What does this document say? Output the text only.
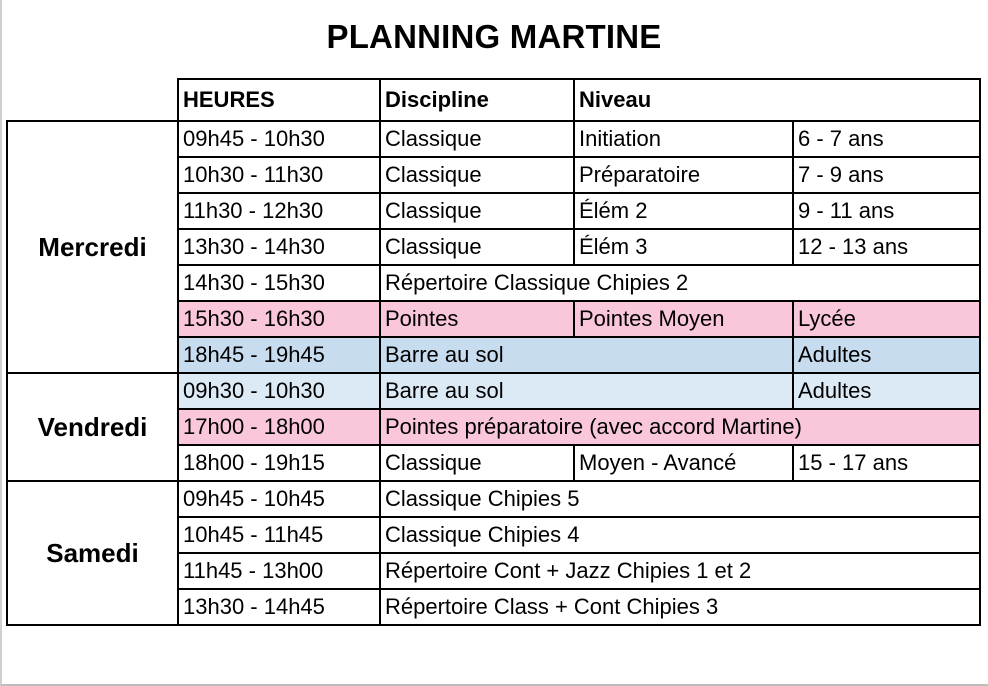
PLANNING MARTINE
	HEURES	Discipline	Niveau	
Mercredi	09h45 - 10h30	Classique	Initiation	6 - 7 ans
	10h30 - 11h30	Classique	Préparatoire	7 - 9 ans
	11h30 - 12h30	Classique	Élém 2	9 - 11 ans
	13h30 - 14h30	Classique	Élém 3	12 - 13 ans
	14h30 - 15h30	Répertoire Classique Chipies 2		
	15h30 - 16h30	Pointes	Pointes Moyen	Lycée
	18h45 - 19h45	Barre au sol		Adultes
Vendredi	09h30 - 10h30	Barre au sol		Adultes
	17h00 - 18h00	Pointes préparatoire (avec accord Martine)		
	18h00 - 19h15	Classique	Moyen - Avancé	15 - 17 ans
Samedi	09h45 - 10h45	Classique Chipies 5		
	10h45 - 11h45	Classique Chipies 4		
	11h45 - 13h00	Répertoire Cont + Jazz Chipies 1 et 2		
	13h30 - 14h45	Répertoire Class + Cont Chipies 3		
